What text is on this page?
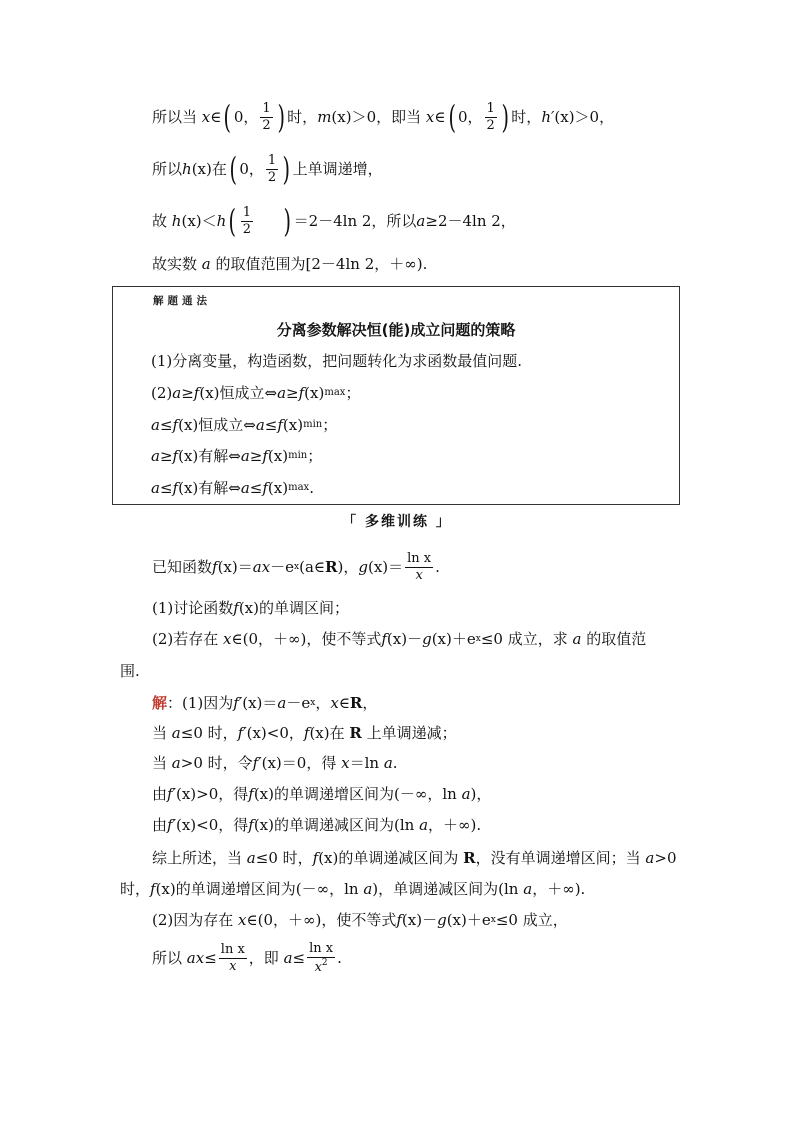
所以当
x ∈ ( 0， $\frac{1}{2}$ ) 时， m (x)＞0，即当
x ∈ ( 0， $\frac{1}{2}$ ) 时， h′ (x)＞0，
所以 h (x)在 ( 0， $\frac{1}{2}$ ) 上单调递增，
故
h (x)＜ h ( $\frac{1}{2}$ ) ＝2－4ln 2，所以 a ≥2－4ln 2，
故实数
a
的取值范围为[2－4ln 2，＋∞).
解题通法
分离参数解决恒(能)成立问题的策略
(1)分离变量，构造函数，把问题转化为求函数最值问题.
(2) a ≥ f (x)恒成立⇔ a ≥ f (x) max ；
a ≤ f (x)恒成立⇔ a ≤ f (x) min ；
a ≥ f (x)有解⇔ a ≥ f (x) min ；
a ≤ f (x)有解⇔ a ≤ f (x) max .
「 多维训练 」
已知函数 f (x)＝ ax －e x (a∈ R )， g $(x)= \frac{\text{ln x}}{x}$ .
(1)讨论函数 f (x)的单调区间；
(2)若存在
x ∈(0，＋∞)，使不等式 f (x)－ g (x)＋e x ≤0 成立，求
a
的取值范
围.
解 ：(1)因为 f′ (x)＝ a －e x ， x ∈ R ，
当
a ≤0 时， f′ (x)<0， f (x)在
R
上单调递减；
当
a >0 时，令 f′ (x)＝0，得
x ＝ln
a .
由 f′ (x)>0，得 f (x)的单调递增区间为(－∞，ln
a )，
由 f′ (x)<0，得 f (x)的单调递减区间为(ln
a ，＋∞).
综上所述，当
a ≤0 时， f (x)的单调递减区间为
R ，没有单调递增区间；当
a >0
时， f (x)的单调递增区间为(－∞，ln
a )，单调递减区间为(ln
a ，＋∞).
(2)因为存在
x ∈(0，＋∞)，使不等式 f (x)－ g (x)＋e x ≤0 成立，
所以
ax ≤ $\frac{\text{ln x}}{x}$ ，即
$a \le \frac{\text{ln x}}{x^2}$ .
